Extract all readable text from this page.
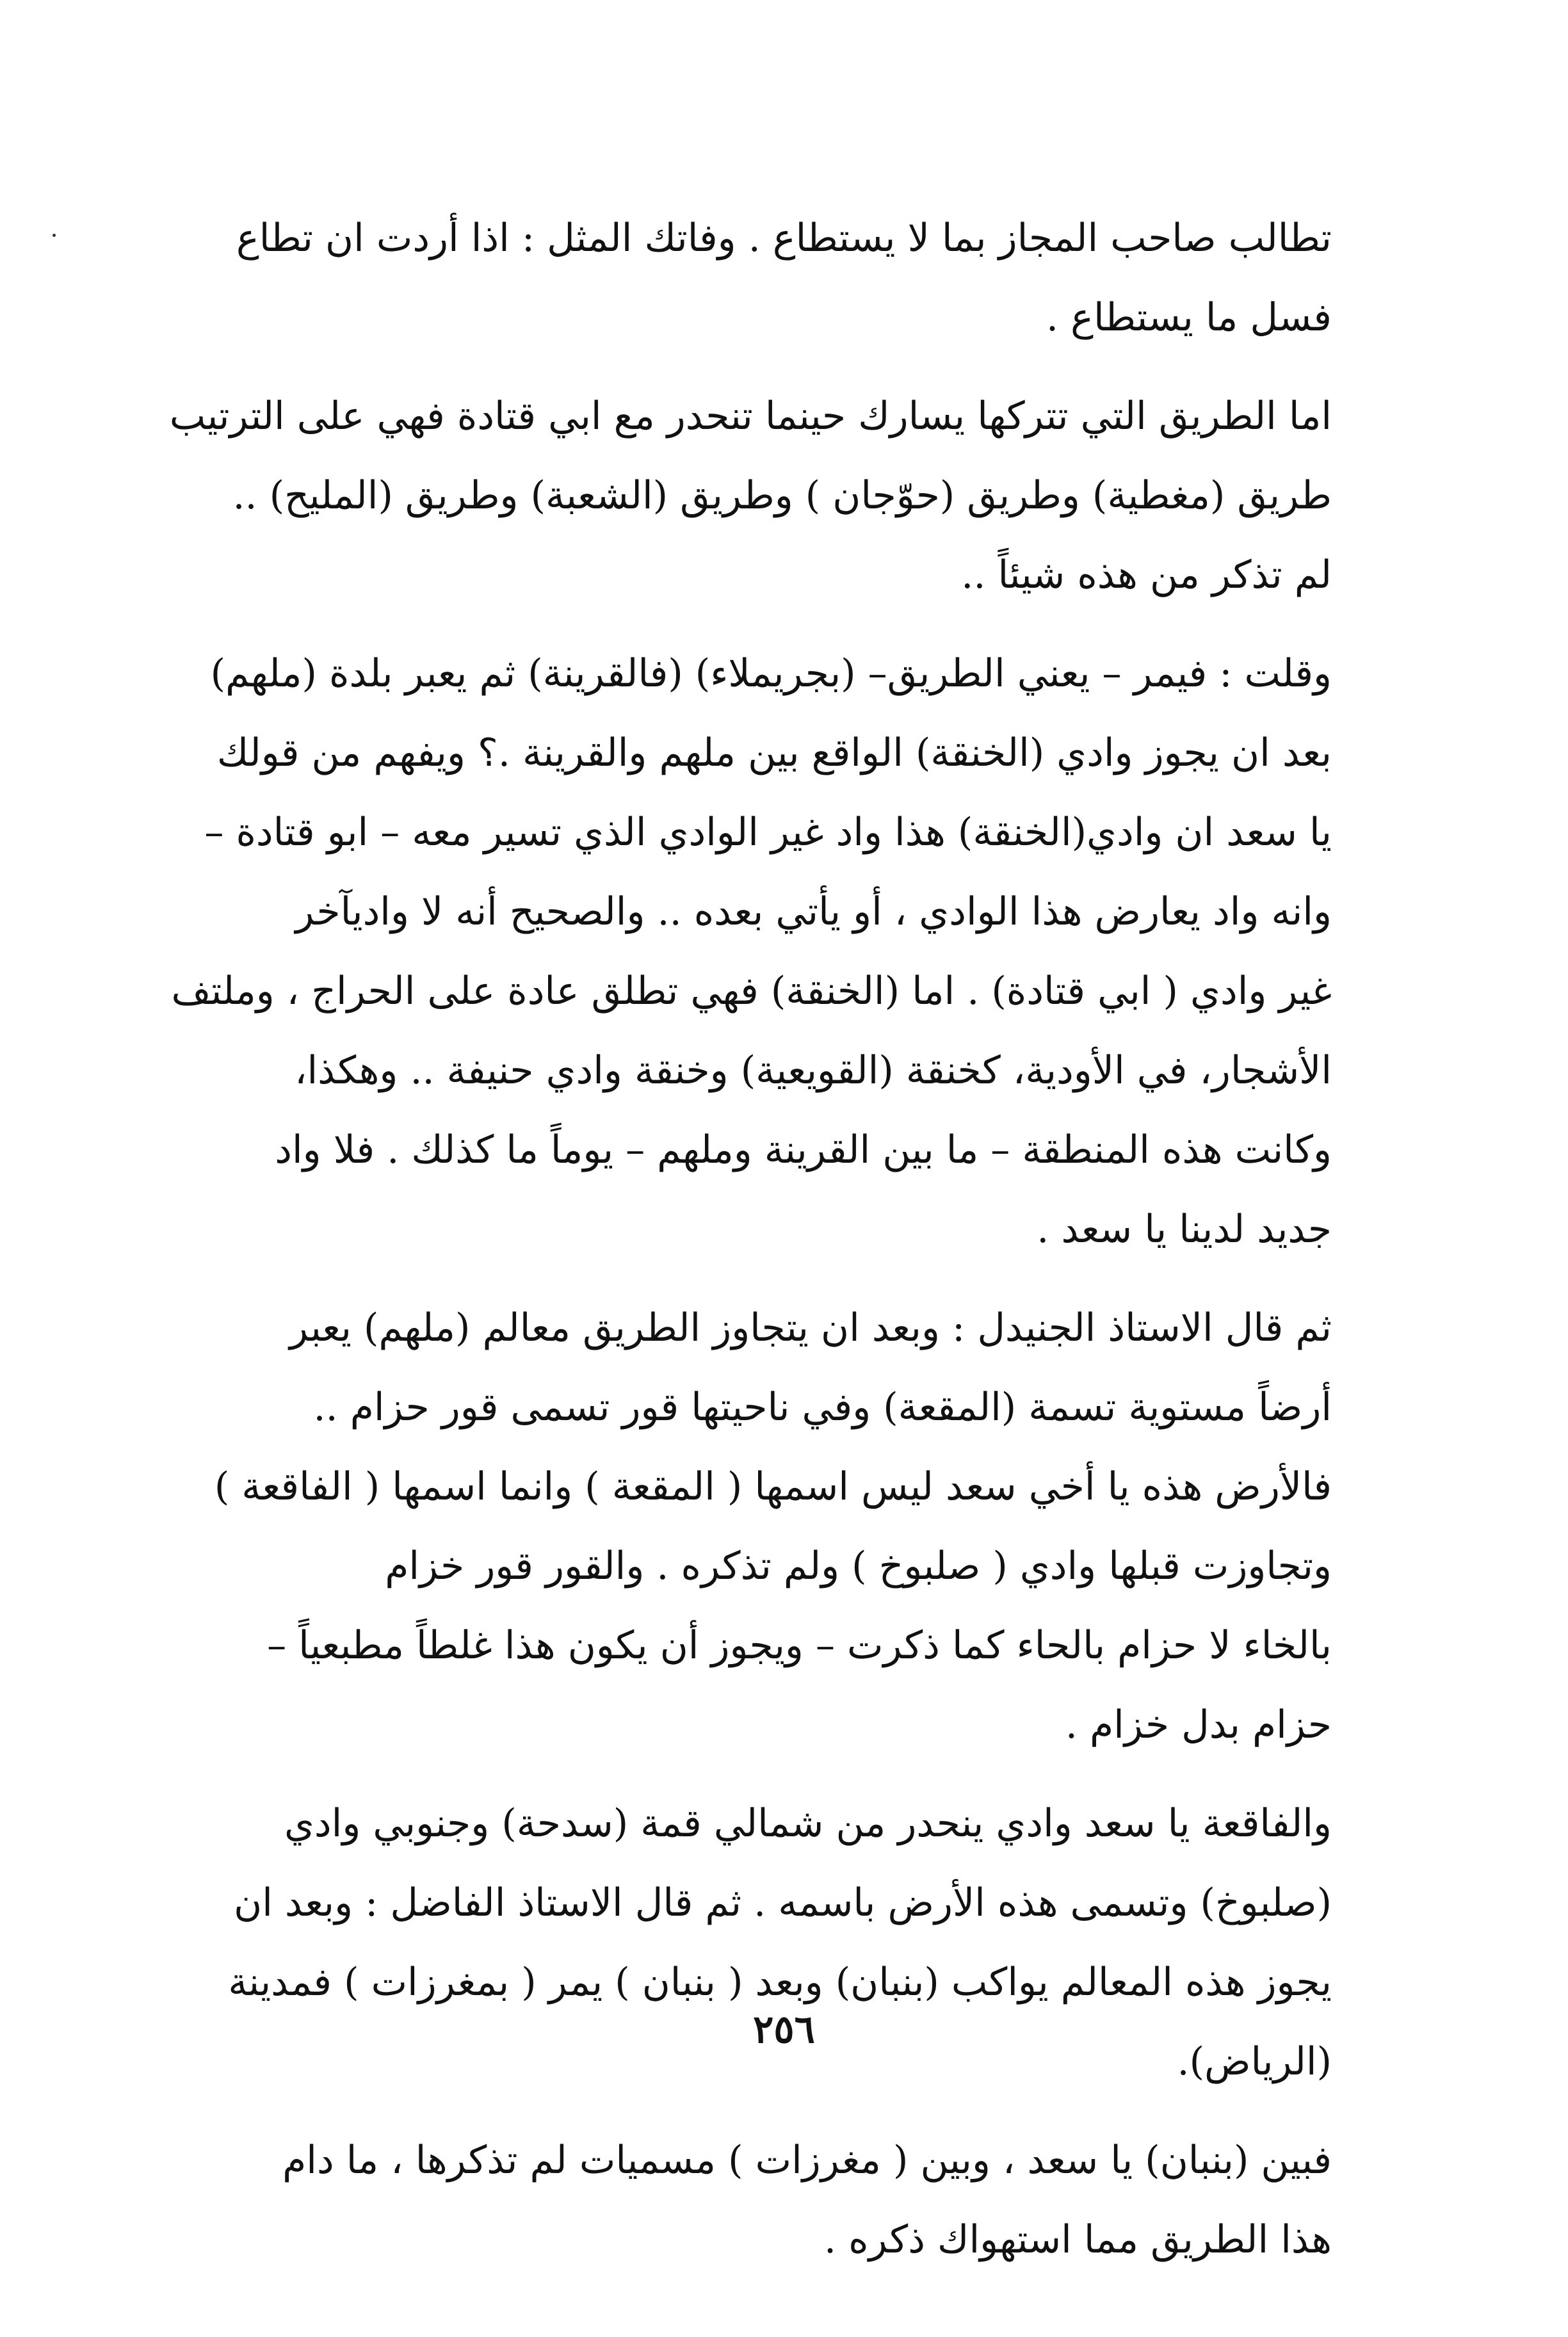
تطالب صاحب المجاز بما لا يستطاع . وفاتك المثل : اذا أردت ان تطاع
فسل ما يستطاع .
اما الطريق التي تتركها يسارك حينما تنحدر مع ابي قتادة فهي على الترتيب
طريق (مغطية) وطريق (حوّجان ) وطريق (الشعبة) وطريق (المليح) ..
لم تذكر من هذه شيئاً ..
وقلت : فيمر – يعني الطريق– (بجريملاء) (فالقرينة) ثم يعبر بلدة (ملهم)
بعد ان يجوز وادي (الخنقة) الواقع بين ملهم والقرينة .؟ ويفهم من قولك
يا سعد ان وادي(الخنقة) هذا واد غير الوادي الذي تسير معه – ابو قتادة –
وانه واد يعارض هذا الوادي ، أو يأتي بعده .. والصحيح أنه لا واديآخر
غير وادي ( ابي قتادة) . اما (الخنقة) فهي تطلق عادة على الحراج ، وملتف
الأشجار، في الأودية، كخنقة (القويعية) وخنقة وادي حنيفة .. وهكذا،
وكانت هذه المنطقة – ما بين القرينة وملهم – يوماً ما كذلك . فلا واد
جديد لدينا يا سعد .
ثم قال الاستاذ الجنيدل : وبعد ان يتجاوز الطريق معالم (ملهم) يعبر
أرضاً مستوية تسمة (المقعة) وفي ناحيتها قور تسمى قور حزام ..
فالأرض هذه يا أخي سعد ليس اسمها ( المقعة ) وانما اسمها ( الفاقعة )
وتجاوزت قبلها وادي ( صلبوخ ) ولم تذكره . والقور قور خزام
بالخاء لا حزام بالحاء كما ذكرت – ويجوز أن يكون هذا غلطاً مطبعياً –
حزام بدل خزام .
والفاقعة يا سعد وادي ينحدر من شمالي قمة (سدحة) وجنوبي وادي
(صلبوخ) وتسمى هذه الأرض باسمه . ثم قال الاستاذ الفاضل : وبعد ان
يجوز هذه المعالم يواكب (بنبان) وبعد ( بنبان ) يمر ( بمغرزات ) فمدينة
(الرياض).
فبين (بنبان) يا سعد ، وبين ( مغرزات ) مسميات لم تذكرها ، ما دام
هذا الطريق مما استهواك ذكره .
٢٥٦
